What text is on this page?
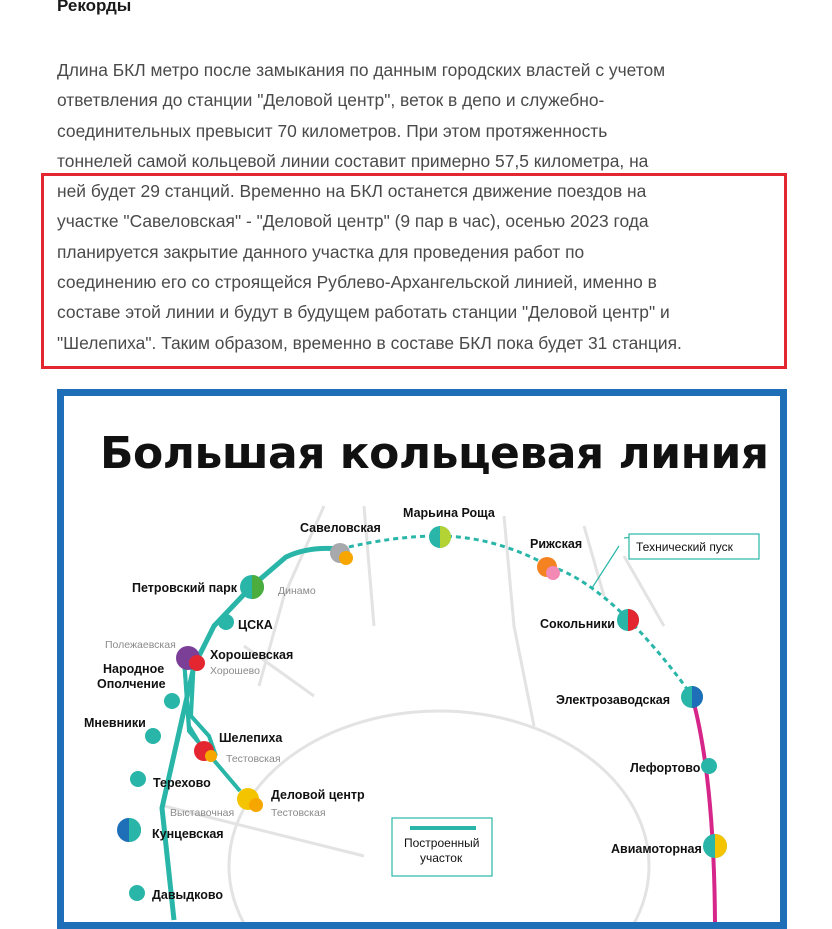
Рекорды

Длина БКЛ метро после замыкания по данным городских властей с учетом
ответвления до станции "Деловой центр", веток в депо и служебно-
соединительных превысит 70 километров. При этом протяженность
тоннелей самой кольцевой линии составит примерно 57,5 километра, на
ней будет 29 станций. Временно на БКЛ останется движение поездов на
участке "Савеловская" - "Деловой центр" (9 пар в час), осенью 2023 года
планируется закрытие данного участка для проведения работ по
соединению его со строящейся Рублево-Архангельской линией, именно в
составе этой линии и будут в будущем работать станции "Деловой центр" и
"Шелепиха". Таким образом, временно в составе БКЛ пока будет 31 станция.

Большая кольцевая линия
Технический пуск
Построенный
участок
Савеловская
Марьина Роща
Рижская
Сокольники
Электрозаводская
Лефортово
Авиамоторная
Петровский парк	Динамо
ЦСКА
Полежаевская
Хорошевская
Хорошево
Народное
Ополчение
Мневники
Шелепиха
Тестовская
Терехово
Деловой центр
Выставочная	Тестовская
Кунцевская
Давыдково
